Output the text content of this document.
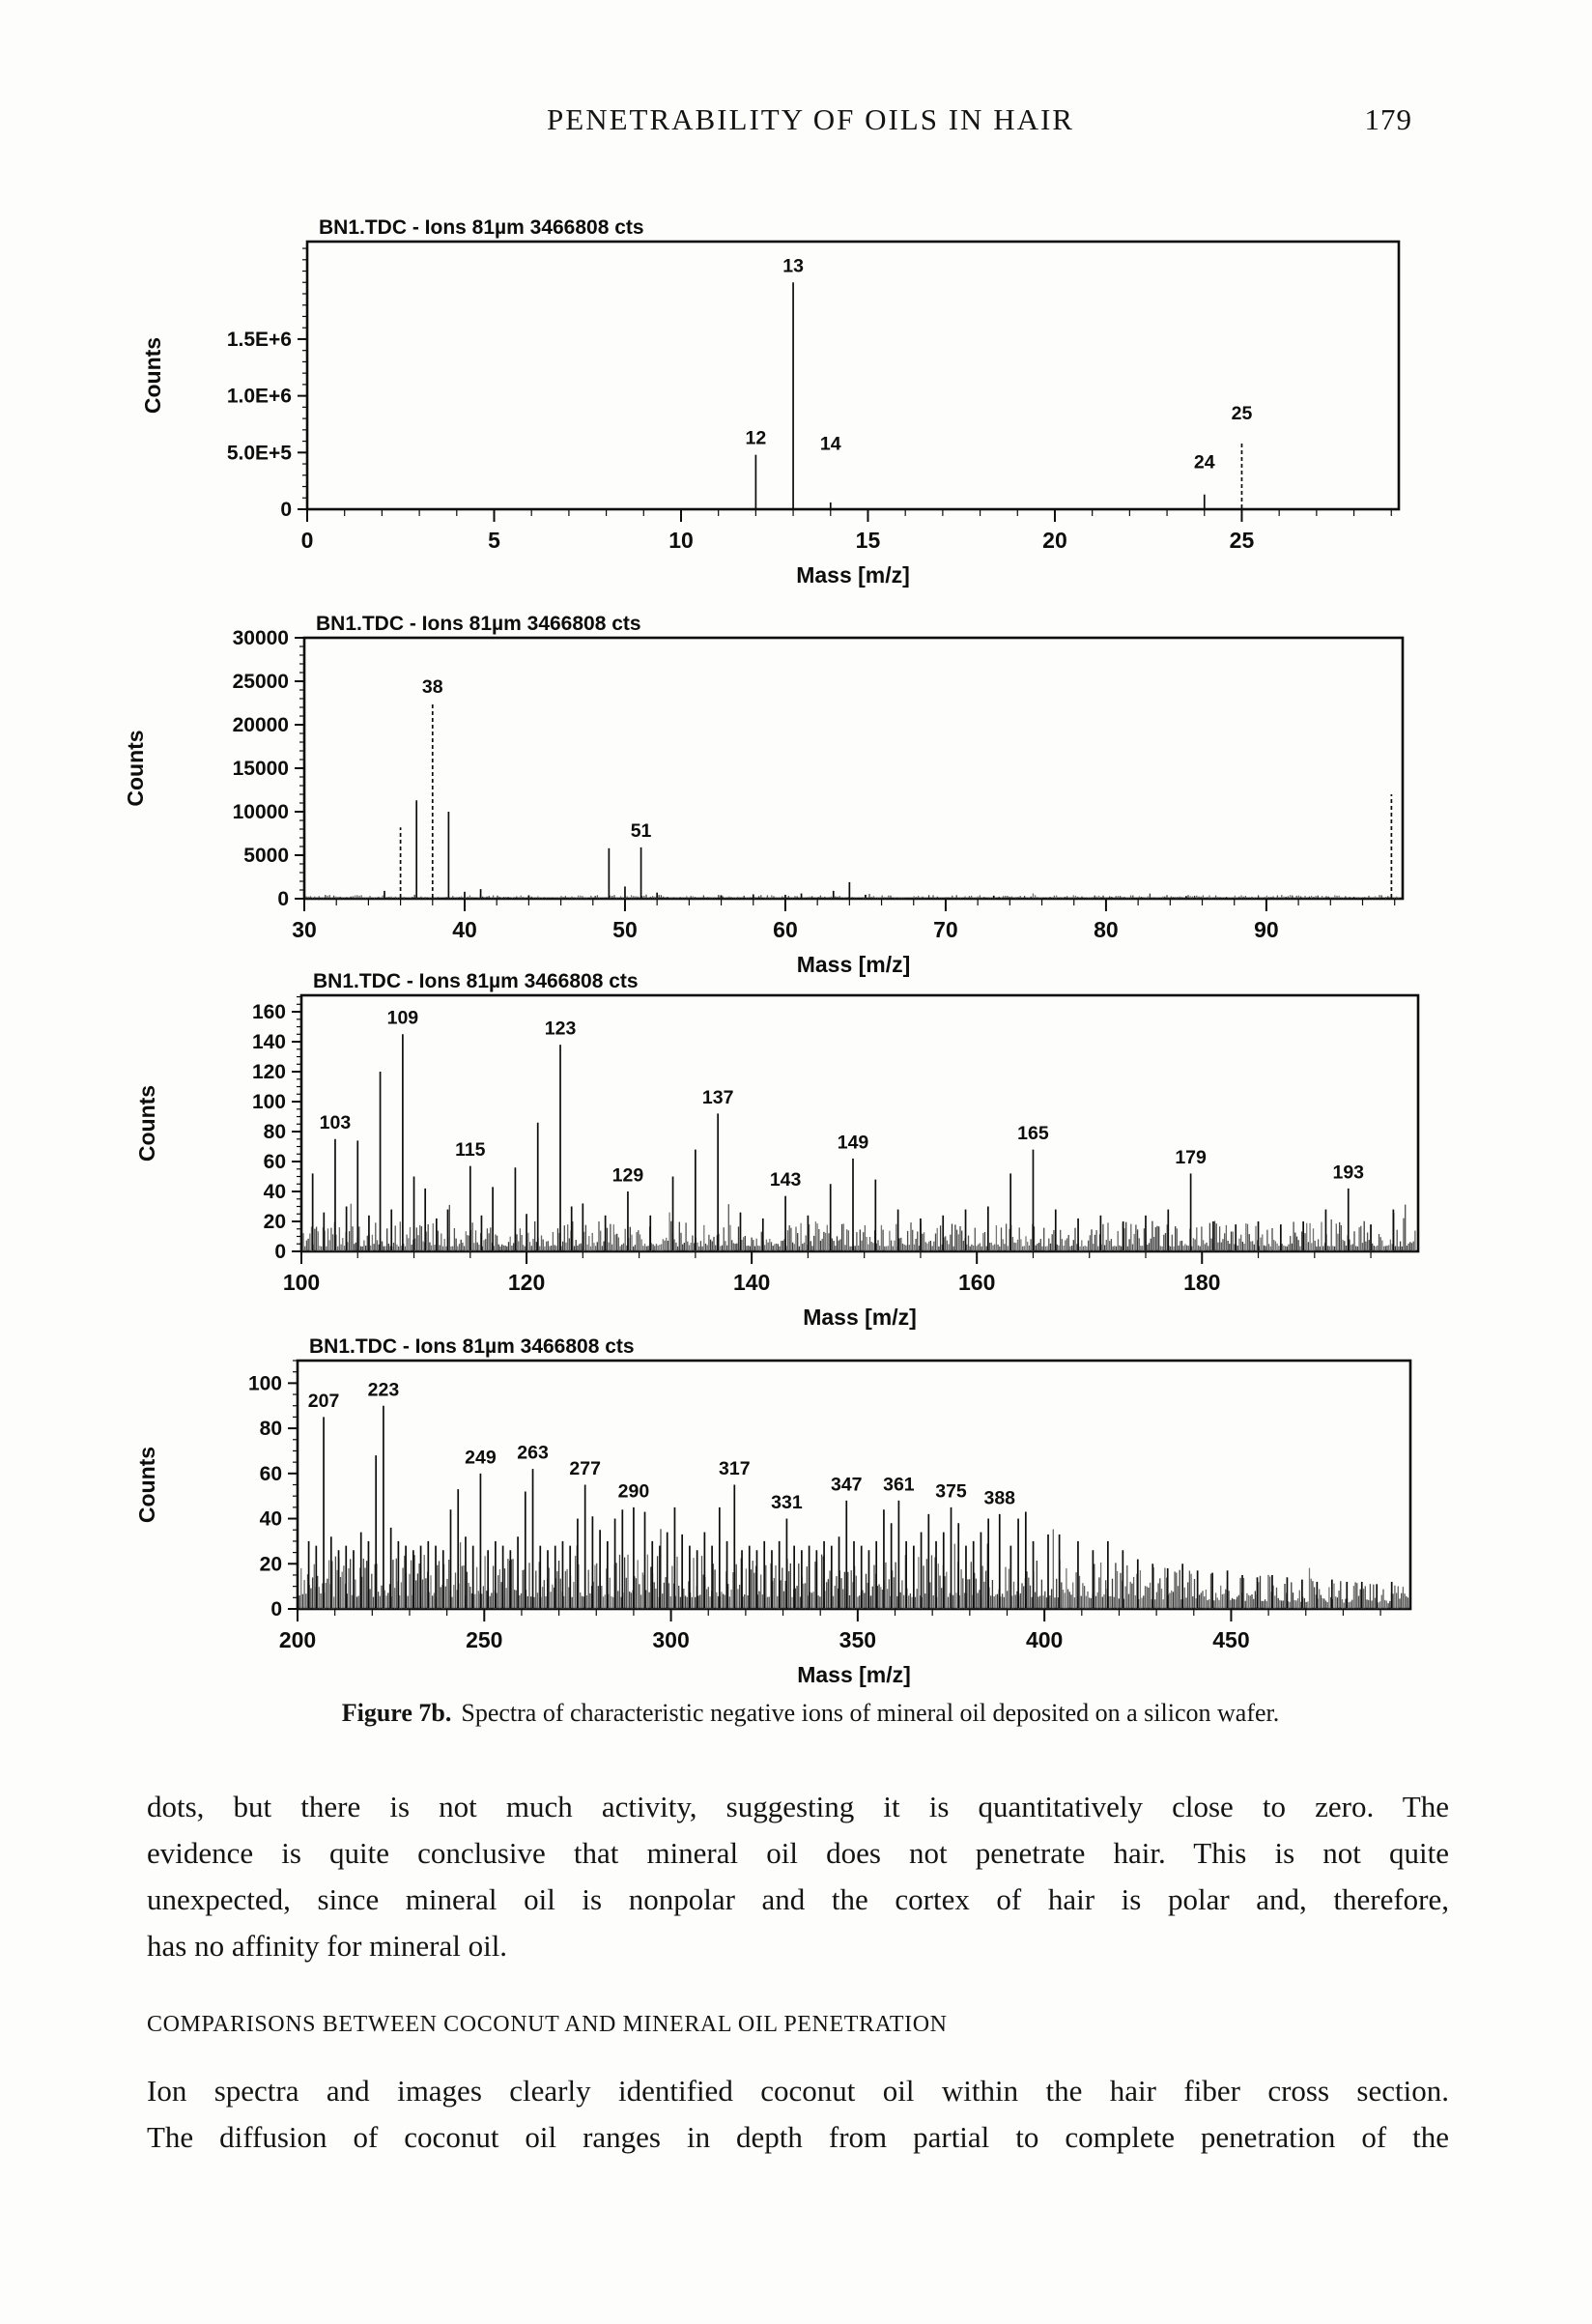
PENETRABILITY OF OILS IN HAIR	179
BN1.TDC - Ions 81µm 3466808 cts
Counts
0
5.0E+5
1.0E+6
1.5E+6
0	5	10	15	20	25
Mass [m/z]
12
13
14
24
25
BN1.TDC - Ions 81µm 3466808 cts
Counts
0
5000
10000
15000
20000
25000
30000
30	40	50	60	70	80	90
Mass [m/z]
38
51
BN1.TDC - Ions 81µm 3466808 cts
Counts
0
20
40
60
80
100
120
140
160
100	120	140	160	180
Mass [m/z]
103
109
115
123
129
137
143
149	165
179
193
BN1.TDC - Ions 81µm 3466808 cts
Counts
0
20
40
60
80
100
200	250	300	350	400	450
Mass [m/z]
207
223
249 263
277
290
317
331
347 361 375 388
Figure 7b. Spectra of characteristic negative ions of mineral oil deposited on a silicon wafer.
dots, but there is not much activity, suggesting it is quantitatively close to zero. The
evidence is quite conclusive that mineral oil does not penetrate hair. This is not quite
unexpected, since mineral oil is nonpolar and the cortex of hair is polar and, therefore,
has no affinity for mineral oil.
COMPARISONS BETWEEN COCONUT AND MINERAL OIL PENETRATION
Ion spectra and images clearly identified coconut oil within the hair fiber cross section.
The diffusion of coconut oil ranges in depth from partial to complete penetration of the
